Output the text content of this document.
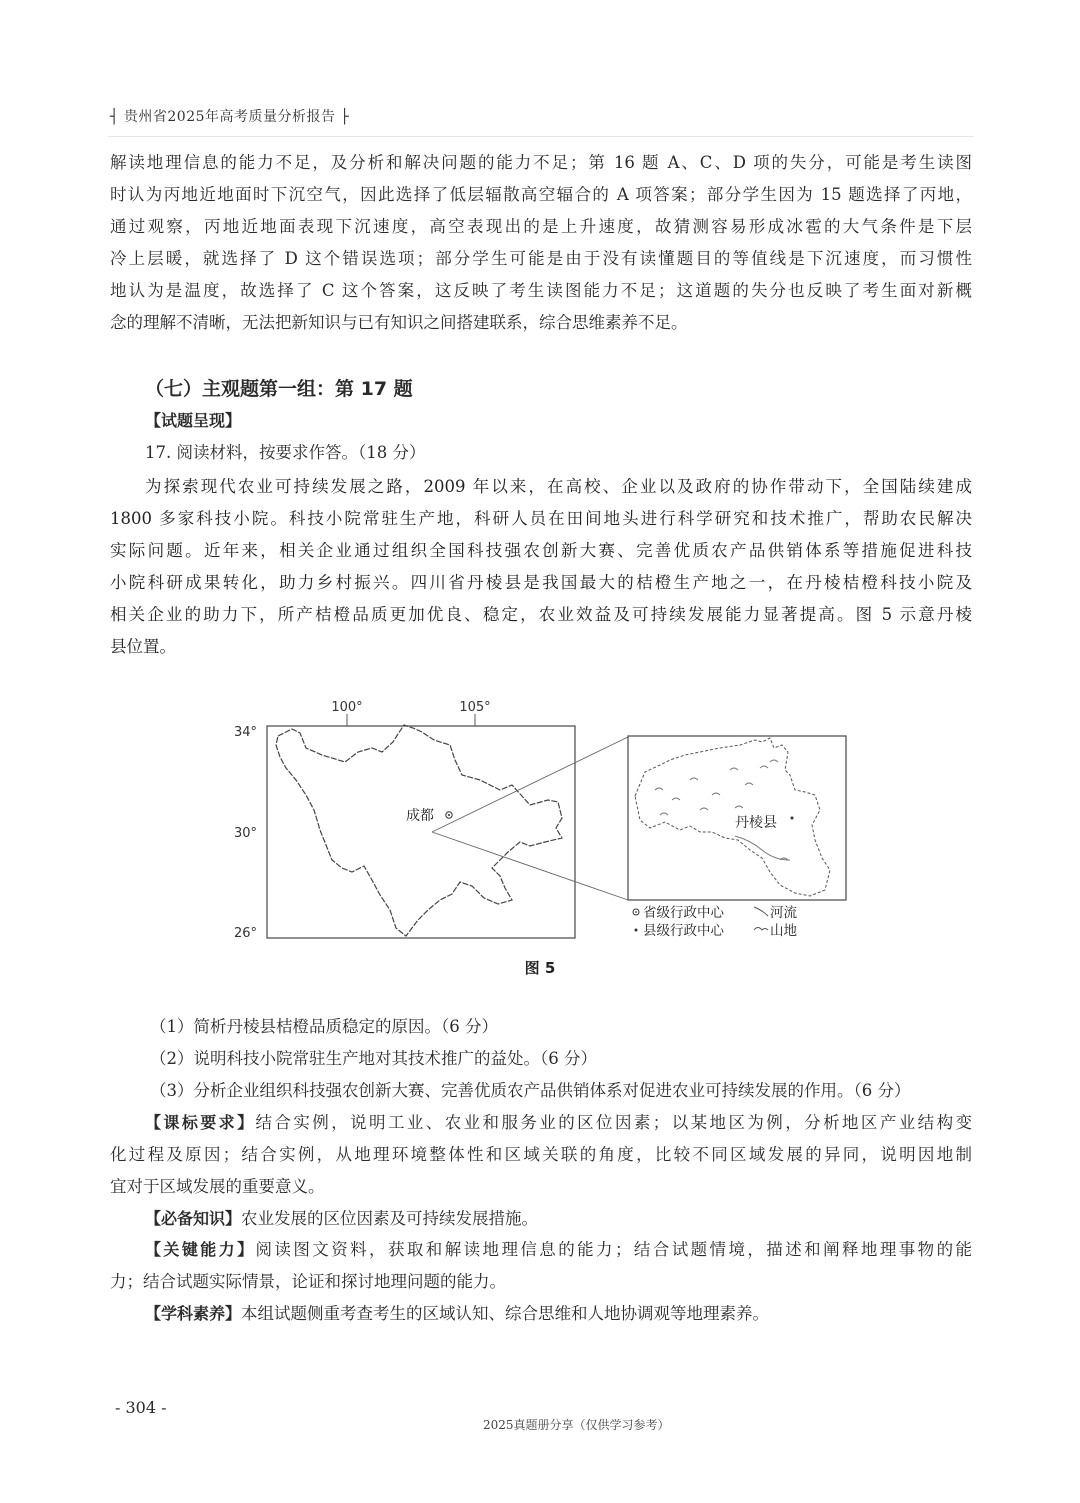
┤ 贵州省2025年高考质量分析报告 ├
解读地理信息的能力不足，及分析和解决问题的能力不足；第 16 题 A、C、D 项的失分，可能是考生读图
时认为丙地近地面时下沉空气，因此选择了低层辐散高空辐合的 A 项答案；部分学生因为 15 题选择了丙地，
通过观察，丙地近地面表现下沉速度，高空表现出的是上升速度，故猜测容易形成冰雹的大气条件是下层
冷上层暖，就选择了 D 这个错误选项；部分学生可能是由于没有读懂题目的等值线是下沉速度，而习惯性
地认为是温度，故选择了 C 这个答案，这反映了考生读图能力不足；这道题的失分也反映了考生面对新概
念的理解不清晰，无法把新知识与已有知识之间搭建联系，综合思维素养不足。
（七）主观题第一组：第 17 题
【试题呈现】
17. 阅读材料，按要求作答。（18 分）
为探索现代农业可持续发展之路，2009 年以来，在高校、企业以及政府的协作带动下，全国陆续建成
1800 多家科技小院。科技小院常驻生产地，科研人员在田间地头进行科学研究和技术推广，帮助农民解决
实际问题。近年来，相关企业通过组织全国科技强农创新大赛、完善优质农产品供销体系等措施促进科技
小院科研成果转化，助力乡村振兴。四川省丹棱县是我国最大的桔橙生产地之一，在丹棱桔橙科技小院及
相关企业的助力下，所产桔橙品质更加优良、稳定，农业效益及可持续发展能力显著提高。图 5 示意丹棱
县位置。
100°	105°
34°
30°
26°
成都	丹棱县
省级行政中心
县级行政中心
河流
山地
图 5
（1）简析丹棱县桔橙品质稳定的原因。（6 分）
（2）说明科技小院常驻生产地对其技术推广的益处。（6 分）
（3）分析企业组织科技强农创新大赛、完善优质农产品供销体系对促进农业可持续发展的作用。（6 分）
【课标要求】结合实例，说明工业、农业和服务业的区位因素；以某地区为例，分析地区产业结构变
化过程及原因；结合实例，从地理环境整体性和区域关联的角度，比较不同区域发展的异同，说明因地制
宜对于区域发展的重要意义。
【必备知识】农业发展的区位因素及可持续发展措施。
【关键能力】阅读图文资料，获取和解读地理信息的能力；结合试题情境，描述和阐释地理事物的能
力；结合试题实际情景，论证和探讨地理问题的能力。
【学科素养】本组试题侧重考查考生的区域认知、综合思维和人地协调观等地理素养。
- 304 -
2025真题册分享（仅供学习参考）
